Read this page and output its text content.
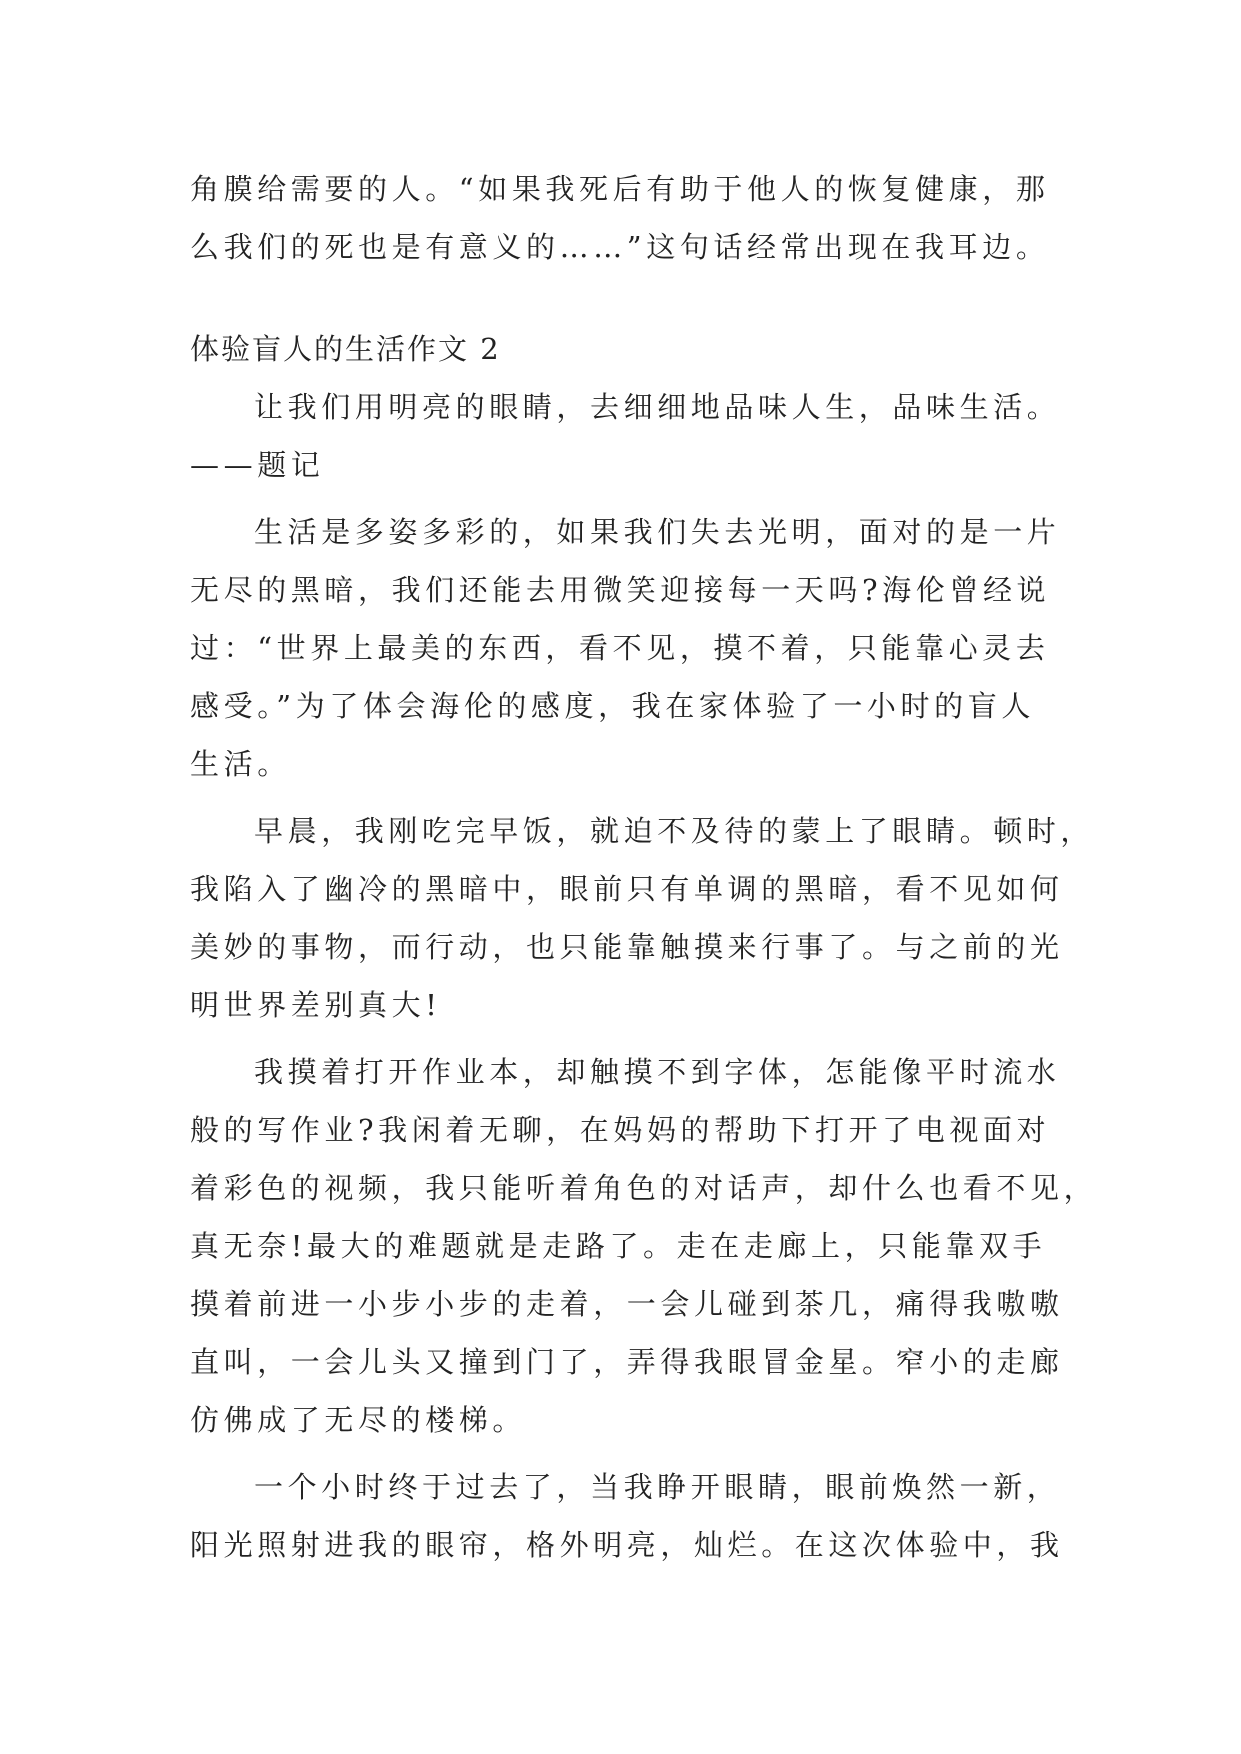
角膜给需要的人。“如果我死后有助于他人的恢复健康，那
么我们的死也是有意义的……”这句话经常出现在我耳边。
体验盲人的生活作文 2
让我们用明亮的眼睛，去细细地品味人生，品味生活。
——题记
生活是多姿多彩的，如果我们失去光明，面对的是一片
无尽的黑暗，我们还能去用微笑迎接每一天吗?海伦曾经说
过：“世界上最美的东西，看不见，摸不着，只能靠心灵去
感受。”为了体会海伦的感度，我在家体验了一小时的盲人
生活。
早晨，我刚吃完早饭，就迫不及待的蒙上了眼睛。顿时，
我陷入了幽冷的黑暗中，眼前只有单调的黑暗，看不见如何
美妙的事物，而行动，也只能靠触摸来行事了。与之前的光
明世界差别真大!
我摸着打开作业本，却触摸不到字体，怎能像平时流水
般的写作业?我闲着无聊，在妈妈的帮助下打开了电视面对
着彩色的视频，我只能听着角色的对话声，却什么也看不见，
真无奈!最大的难题就是走路了。走在走廊上，只能靠双手
摸着前进一小步小步的走着，一会儿碰到茶几，痛得我嗷嗷
直叫，一会儿头又撞到门了，弄得我眼冒金星。窄小的走廊
仿佛成了无尽的楼梯。
一个小时终于过去了，当我睁开眼睛，眼前焕然一新，
阳光照射进我的眼帘，格外明亮，灿烂。在这次体验中，我
